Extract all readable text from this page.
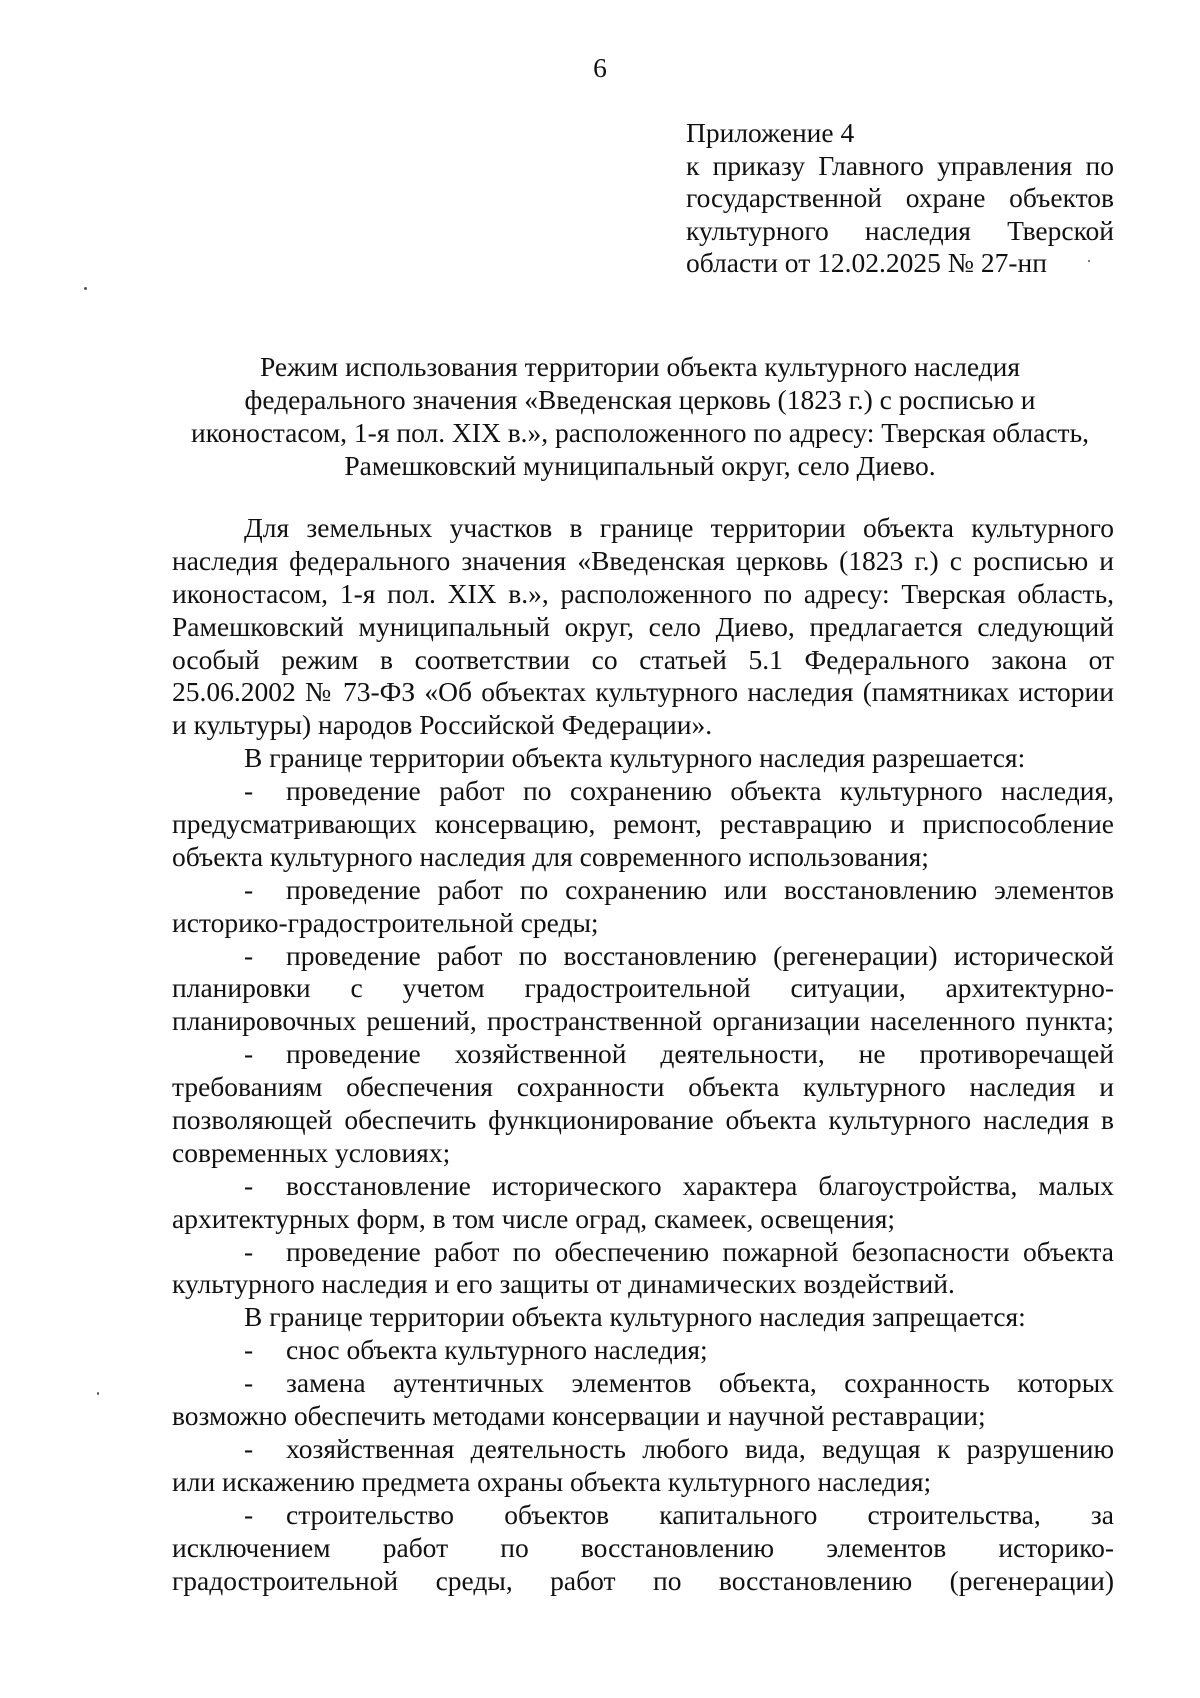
6
Приложение 4
к приказу Главного управления по
государственной охране объектов
культурного наследия Тверской
области от 12.02.2025 № 27-нп
Режим использования территории объекта культурного наследия
федерального значения «Введенская церковь (1823 г.) с росписью и
иконостасом, 1-я пол. XIX в.», расположенного по адресу: Тверская область,
Рамешковский муниципальный округ, село Диево.
Для земельных участков в границе территории объекта культурного
наследия федерального значения «Введенская церковь (1823 г.) с росписью и
иконостасом, 1-я пол. XIX в.», расположенного по адресу: Тверская область,
Рамешковский муниципальный округ, село Диево, предлагается следующий
особый режим в соответствии со статьей 5.1 Федерального закона от
25.06.2002 № 73-ФЗ «Об объектах культурного наследия (памятниках истории
и культуры) народов Российской Федерации».
В границе территории объекта культурного наследия разрешается:
- проведение работ по сохранению объекта культурного наследия,
предусматривающих консервацию, ремонт, реставрацию и приспособление
объекта культурного наследия для современного использования;
- проведение работ по сохранению или восстановлению элементов
историко-градостроительной среды;
- проведение работ по восстановлению (регенерации) исторической
планировки с учетом градостроительной ситуации, архитектурно-
планировочных решений, пространственной организации населенного пункта;
- проведение хозяйственной деятельности, не противоречащей
требованиям обеспечения сохранности объекта культурного наследия и
позволяющей обеспечить функционирование объекта культурного наследия в
современных условиях;
- восстановление исторического характера благоустройства, малых
архитектурных форм, в том числе оград, скамеек, освещения;
- проведение работ по обеспечению пожарной безопасности объекта
культурного наследия и его защиты от динамических воздействий.
В границе территории объекта культурного наследия запрещается:
- снос объекта культурного наследия;
- замена аутентичных элементов объекта, сохранность которых
возможно обеспечить методами консервации и научной реставрации;
- хозяйственная деятельность любого вида, ведущая к разрушению
или искажению предмета охраны объекта культурного наследия;
- строительство объектов капитального строительства, за
исключением работ по восстановлению элементов историко-
градостроительной среды, работ по восстановлению (регенерации)
